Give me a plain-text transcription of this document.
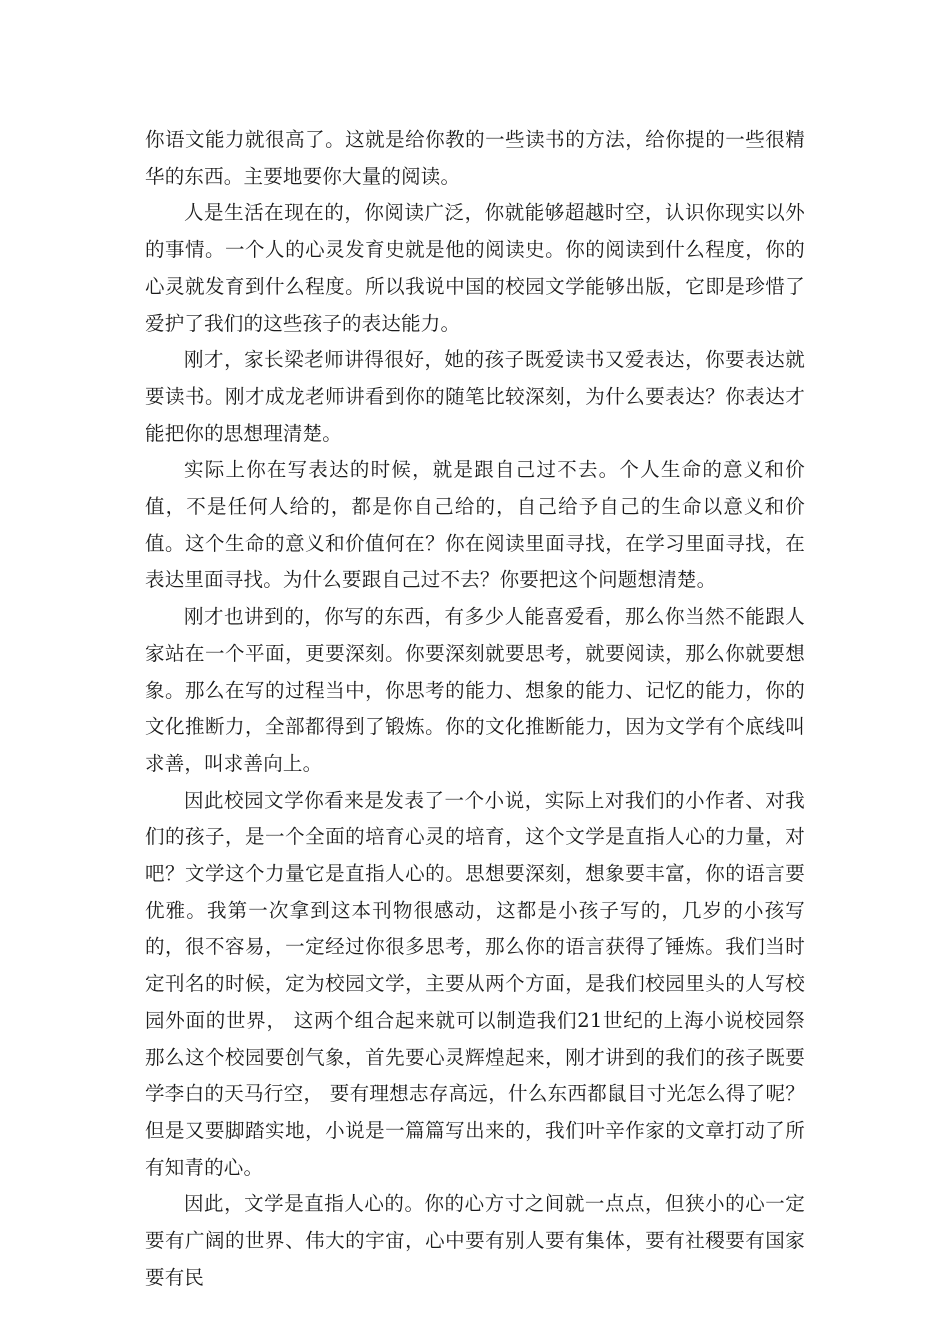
你语文能力就很高了。这就是给你教的一些读书的方法，给你提的一些很精华的东西。主要地要你大量的阅读。

人是生活在现在的，你阅读广泛，你就能够超越时空，认识你现实以外的事情。一个人的心灵发育史就是他的阅读史。你的阅读到什么程度，你的心灵就发育到什么程度。所以我说中国的校园文学能够出版，它即是珍惜了爱护了我们的这些孩子的表达能力。

刚才，家长梁老师讲得很好，她的孩子既爱读书又爱表达，你要表达就要读书。刚才成龙老师讲看到你的随笔比较深刻，为什么要表达？你表达才能把你的思想理清楚。

实际上你在写表达的时候，就是跟自己过不去。个人生命的意义和价值，不是任何人给的，都是你自己给的，自己给予自己的生命以意义和价值。这个生命的意义和价值何在？你在阅读里面寻找，在学习里面寻找，在表达里面寻找。为什么要跟自己过不去？你要把这个问题想清楚。

刚才也讲到的，你写的东西，有多少人能喜爱看，那么你当然不能跟人家站在一个平面，更要深刻。你要深刻就要思考，就要阅读，那么你就要想象。那么在写的过程当中，你思考的能力、想象的能力、记忆的能力，你的文化推断力，全部都得到了锻炼。你的文化推断能力，因为文学有个底线叫求善，叫求善向上。

因此校园文学你看来是发表了一个小说，实际上对我们的小作者、对我们的孩子，是一个全面的培育心灵的培育，这个文学是直指人心的力量，对吧？文学这个力量它是直指人心的。思想要深刻，想象要丰富，你的语言要优雅。我第一次拿到这本刊物很感动，这都是小孩子写的，几岁的小孩写的，很不容易，一定经过你很多思考，那么你的语言获得了锤炼。我们当时定刊名的时候，定为校园文学，主要从两个方面，是我们校园里头的人写校园外面的世界， 这两个组合起来就可以制造我们21世纪的上海小说校园祭那么这个校园要创气象，首先要心灵辉煌起来，刚才讲到的我们的孩子既要学李白的天马行空， 要有理想志存高远，什么东西都鼠目寸光怎么得了呢？但是又要脚踏实地，小说是一篇篇写出来的，我们叶辛作家的文章打动了所有知青的心。

因此，文学是直指人心的。你的心方寸之间就一点点，但狭小的心一定要有广阔的世界、伟大的宇宙，心中要有别人要有集体，要有社稷要有国家要有民
